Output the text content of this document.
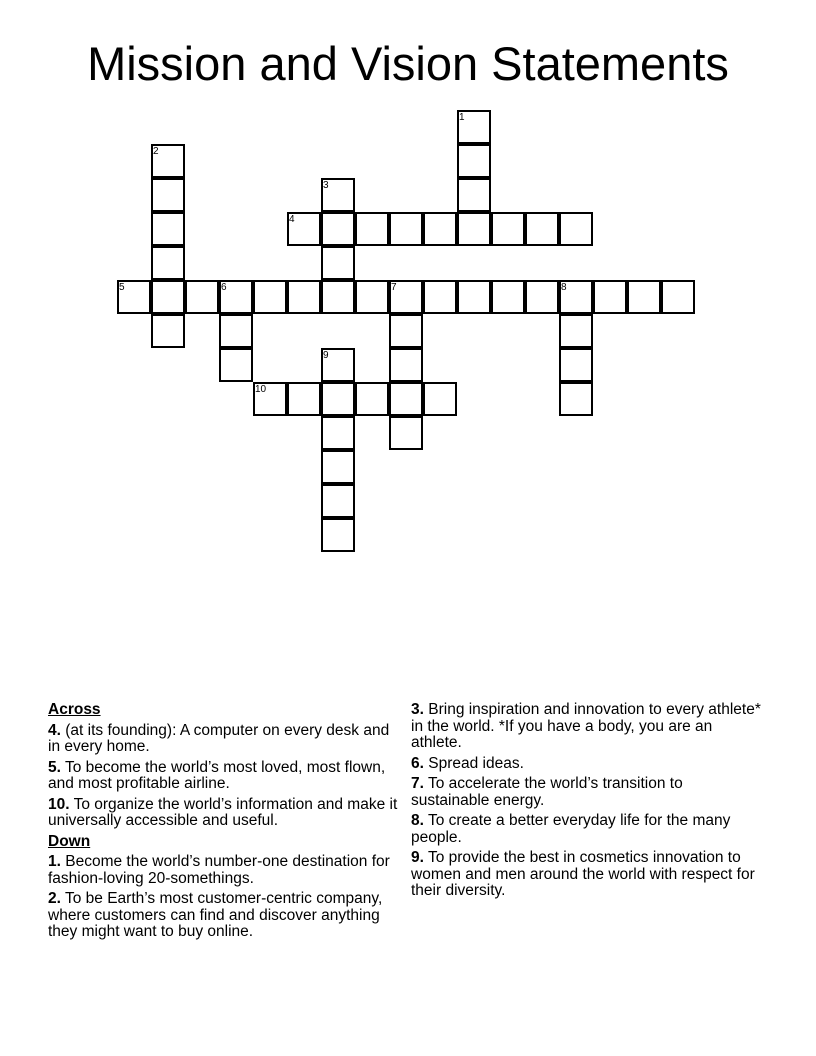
Mission and Vision Statements
1
2
3
4
5	6	7	8
9
10
Across
4. (at its founding): A computer on every desk and in every home.
5. To become the world’s most loved, most flown, and most profitable airline.
10. To organize the world’s information and make it universally accessible and useful.
Down
1. Become the world’s number-one destination for fashion-loving 20-somethings.
2. To be Earth’s most customer-centric company, where customers can find and discover anything they might want to buy online.
3. Bring inspiration and innovation to every athlete* in the world. *If you have a body, you are an athlete.
6. Spread ideas.
7. To accelerate the world’s transition to sustainable energy.
8. To create a better everyday life for the many people.
9. To provide the best in cosmetics innovation to women and men around the world with respect for their diversity.
